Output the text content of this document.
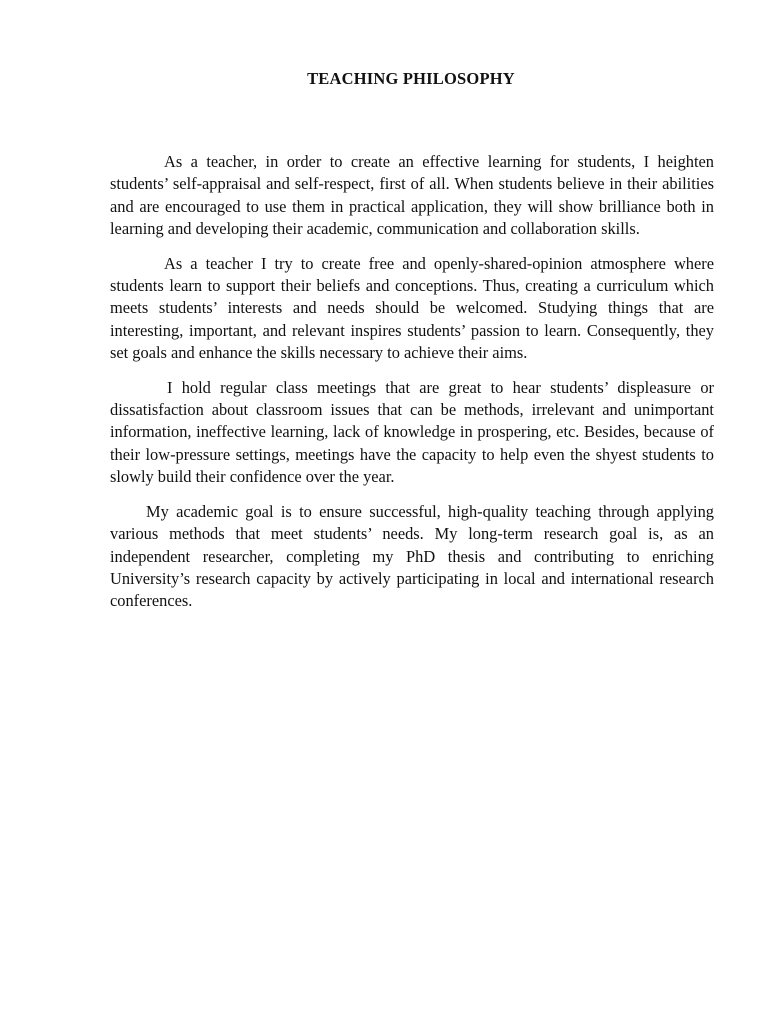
TEACHING PHILOSOPHY

As a teacher, in order to create an effective learning for students, I heighten students’ self-appraisal and self-respect, first of all. When students believe in their abilities and are encouraged to use them in practical application, they will show brilliance both in learning and developing their academic, communication and collaboration skills.

As a teacher I try to create free and openly-shared-opinion atmosphere where students learn to support their beliefs and conceptions. Thus, creating a curriculum which meets students’ interests and needs should be welcomed. Studying things that are interesting, important, and relevant inspires students’ passion to learn. Consequently, they set goals and enhance the skills necessary to achieve their aims.

I hold regular class meetings that are great to hear students’ displeasure or dissatisfaction about classroom issues that can be methods, irrelevant and unimportant information, ineffective learning, lack of knowledge in prospering, etc. Besides, because of their low-pressure settings, meetings have the capacity to help even the shyest students to slowly build their confidence over the year.

My academic goal is to ensure successful, high-quality teaching through applying various methods that meet students’ needs. My long-term research goal is, as an independent researcher, completing my PhD thesis and contributing to enriching University’s research capacity by actively participating in local and international research conferences.
